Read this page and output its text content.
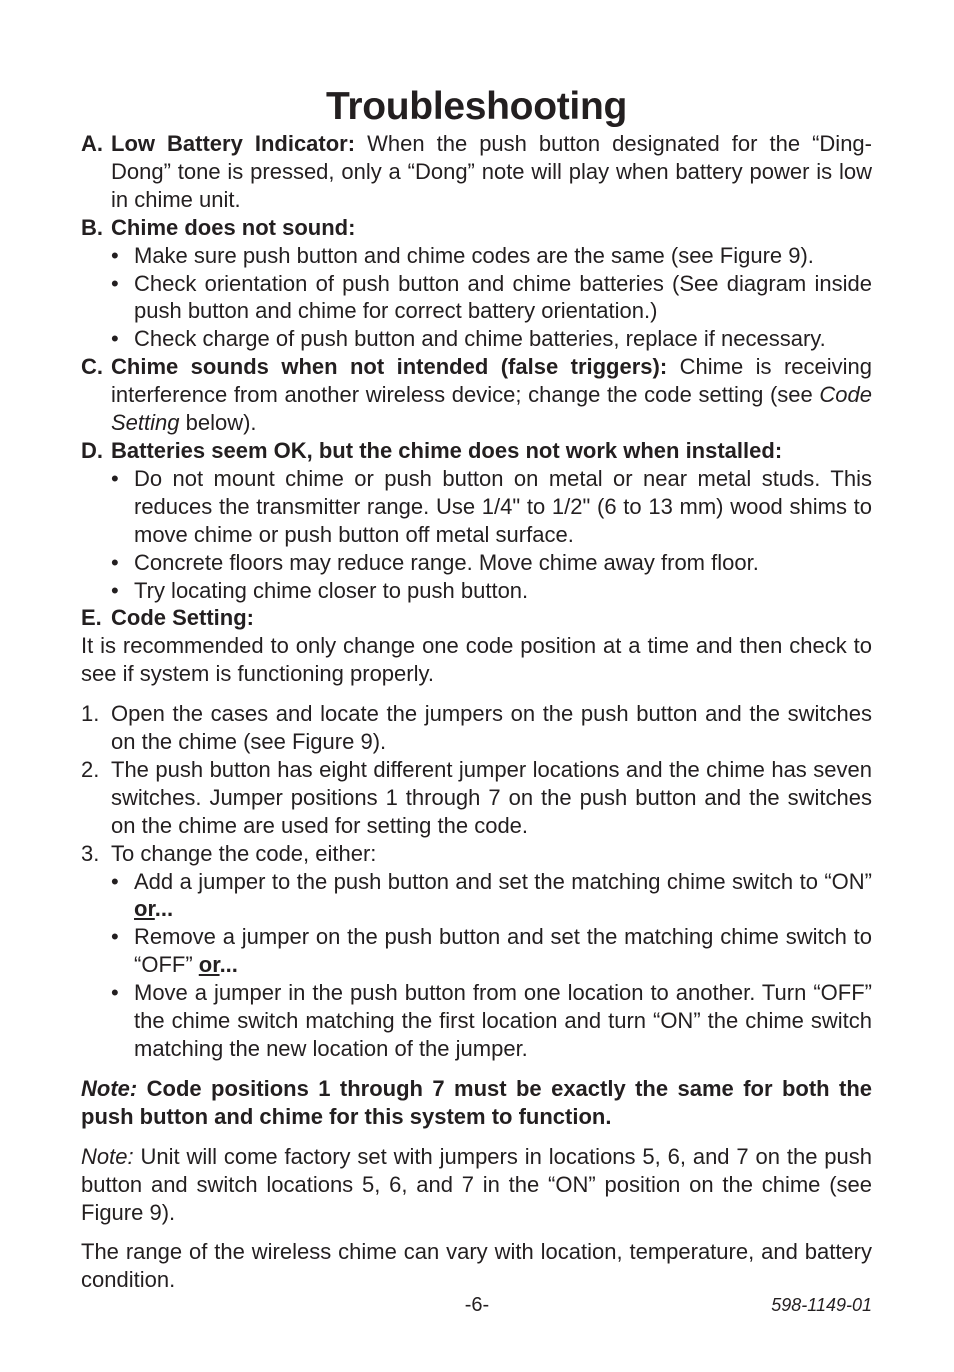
Troubleshooting
A. Low Battery Indicator: When the push button designated for the “Ding-Dong” tone is pressed, only a “Dong” note will play when battery power is low in chime unit.
B. Chime does not sound:
• Make sure push button and chime codes are the same (see Figure 9).
• Check orientation of push button and chime batteries (See diagram inside push button and chime for correct battery orientation.)
• Check charge of push button and chime batteries, replace if necessary.
C. Chime sounds when not intended (false triggers): Chime is receiving interference from another wireless device; change the code setting (see Code Setting below).
D. Batteries seem OK, but the chime does not work when installed:
• Do not mount chime or push button on metal or near metal studs. This reduces the transmitter range. Use 1/4" to 1/2" (6 to 13 mm) wood shims to move chime or push button off metal surface.
• Concrete floors may reduce range. Move chime away from floor.
• Try locating chime closer to push button.
E. Code Setting:

It is recommended to only change one code position at a time and then check to see if system is functioning properly.

1. Open the cases and locate the jumpers on the push button and the switches on the chime (see Figure 9).
2. The push button has eight different jumper locations and the chime has seven switches. Jumper positions 1 through 7 on the push button and the switches on the chime are used for setting the code.
3. To change the code, either:
• Add a jumper to the push button and set the matching chime switch to “ON” or...
• Remove a jumper on the push button and set the matching chime switch to “OFF” or...
• Move a jumper in the push button from one location to another. Turn “OFF” the chime switch matching the first location and turn “ON” the chime switch matching the new location of the jumper.

Note: Code positions 1 through 7 must be exactly the same for both the push button and chime for this system to function.

Note: Unit will come factory set with jumpers in locations 5, 6, and 7 on the push button and switch locations 5, 6, and 7 in the “ON” position on the chime (see Figure 9).

The range of the wireless chime can vary with location, temperature, and battery condition.

-6-	598-1149-01
